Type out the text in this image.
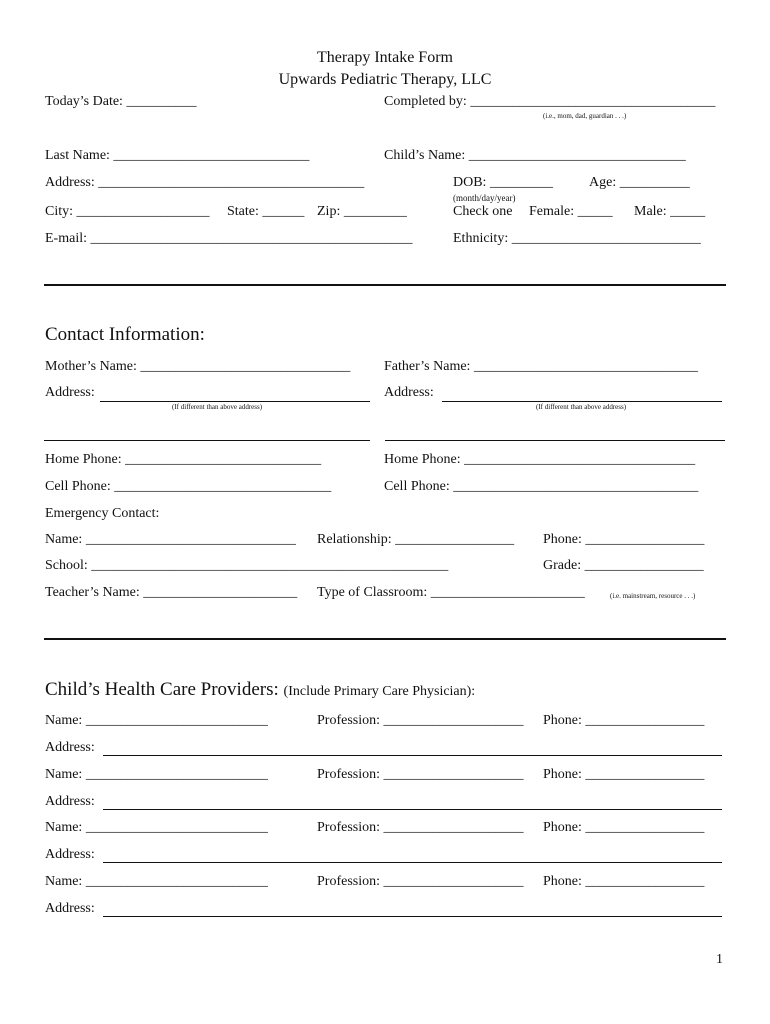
Therapy Intake Form
Upwards Pediatric Therapy, LLC
Today’s Date: __________	Completed by: ___________________________________
(i.e., mom, dad, guardian . . .)
Last Name: ____________________________	Child’s Name: _______________________________
Address: ______________________________________	DOB: _________	Age: __________
(month/day/year)
City: ___________________ State: ______ Zip: _________	Check one Female: _____ Male: _____
E-mail: ______________________________________________	Ethnicity: ___________________________
Contact Information:
Mother’s Name: ______________________________ Father’s Name: ________________________________
Address:	Address:
(If different than above address)	(If different than above address)
Home Phone: ____________________________	Home Phone: _________________________________
Cell Phone: _______________________________	Cell Phone: ___________________________________
Emergency Contact:
Name: ______________________________ Relationship: _________________ Phone: _________________
School: ___________________________________________________	Grade: _________________
Teacher’s Name: ______________________ Type of Classroom: ______________________	(i.e. mainstream, resource . . .)
Child’s Health Care Providers: (Include Primary Care Physician):
Name: __________________________	Profession: ____________________ Phone: _________________
Address:
Name: __________________________	Profession: ____________________ Phone: _________________
Address:
Name: __________________________	Profession: ____________________ Phone: _________________
Address:
Name: __________________________	Profession: ____________________ Phone: _________________
Address:
1
